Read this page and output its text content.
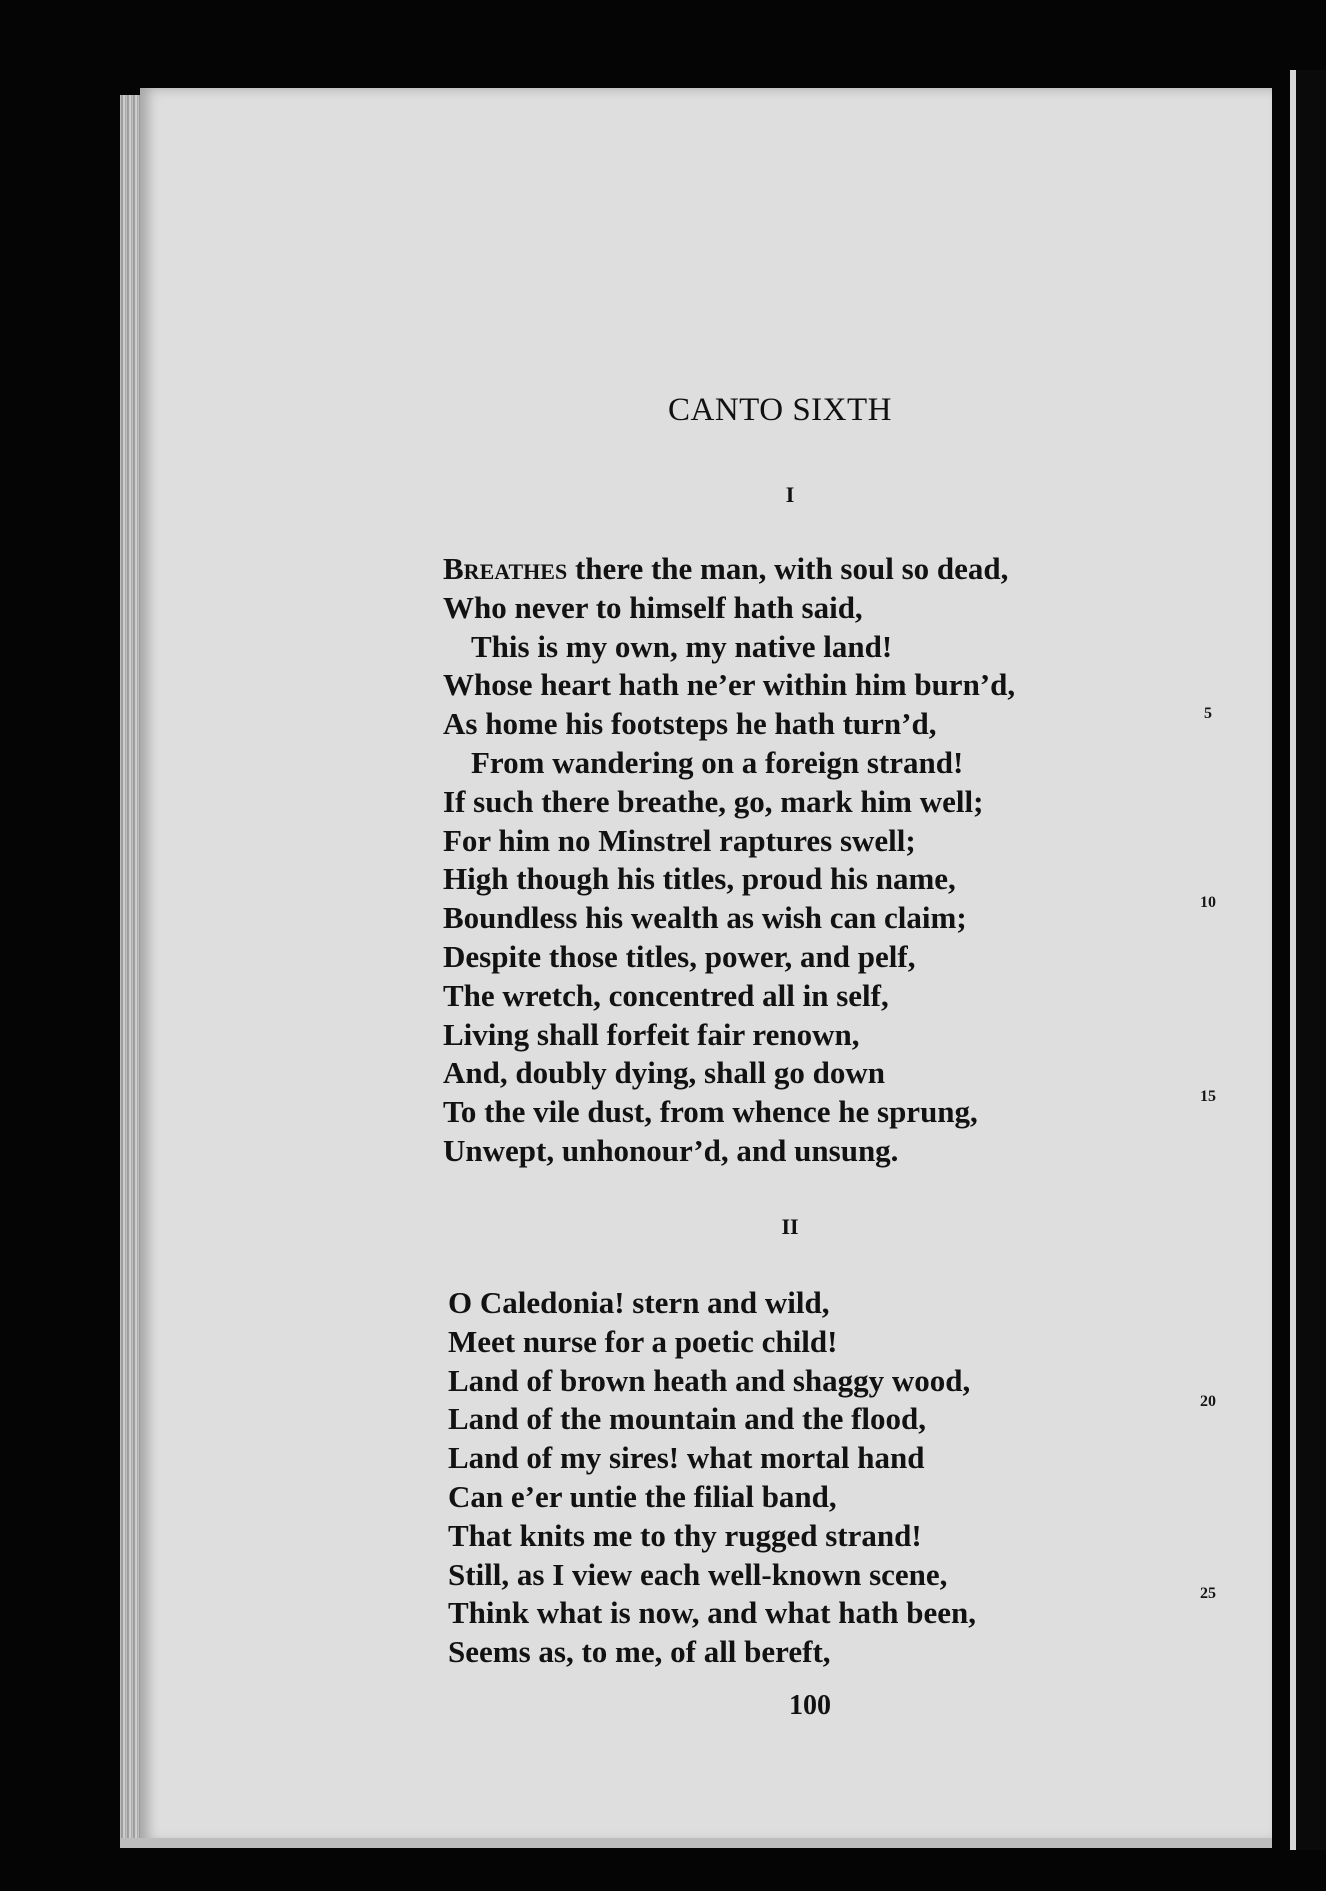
CANTO SIXTH
I
Breathes there the man, with soul so dead,
Who never to himself hath said,
This is my own, my native land!
Whose heart hath ne’er within him burn’d,
As home his footsteps he hath turn’d,
From wandering on a foreign strand!
If such there breathe, go, mark him well;
For him no Minstrel raptures swell;
High though his titles, proud his name,
Boundless his wealth as wish can claim;
Despite those titles, power, and pelf,
The wretch, concentred all in self,
Living shall forfeit fair renown,
And, doubly dying, shall go down
To the vile dust, from whence he sprung,
Unwept, unhonour’d, and unsung.
II
O Caledonia! stern and wild,
Meet nurse for a poetic child!
Land of brown heath and shaggy wood,
Land of the mountain and the flood,
Land of my sires! what mortal hand
Can e’er untie the filial band,
That knits me to thy rugged strand!
Still, as I view each well-known scene,
Think what is now, and what hath been,
Seems as, to me, of all bereft,
5
10
15
20
25
100
